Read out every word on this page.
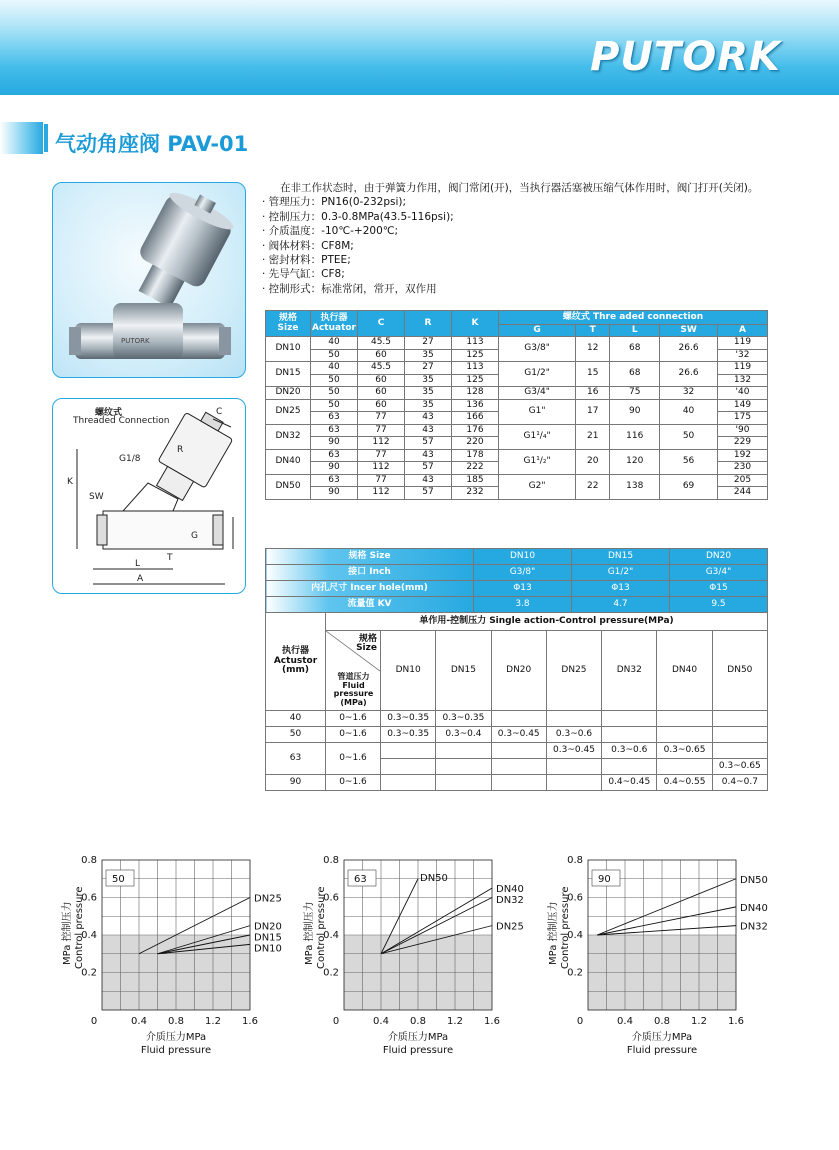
PUTORK
气动角座阀 PAV-01
PUTORK
螺纹式
Threaded Connection
C
R
K
G1/8
SW
G
T
L
A
在非工作状态时，由于弹簧力作用，阀门常闭(开)，当执行器活塞被压缩气体作用时，阀门打开(关闭)。
· 管理压力：PN16(0-232psi);
· 控制压力：0.3-0.8MPa(43.5-116psi);
· 介质温度：-10℃-+200℃;
· 阀体材料：CF8M;
· 密封材料：PTEE;
· 先导气缸：CF8;
· 控制形式：标准常闭，常开，双作用
规格
Size	执行器
Actuator	C	R	K	螺纹式 Thre aded connection				
					G	T	L	SW	A
DN10	40	45.5	27	113	G3/8"	12	68	26.6	119
	50	60	35	125					'32
DN15	40	45.5	27	113	G1/2"	15	68	26.6	119
	50	60	35	125					132
DN20	50	60	35	128	G3/4"	16	75	32	'40
DN25	50	60	35	136	G1"	17	90	40	149
	63	77	43	166					175
DN32	63	77	43	176	G1¹/₄"	21	116	50	'90
	90	112	57	220					229
DN40	63	77	43	178	G1¹/₂"	20	120	56	192
	90	112	57	222					230
DN50	63	77	43	185	G2"	22	138	69	205
	90	112	57	232					244
规格 Size	DN10	DN15	DN20
接口 Inch	G3/8"	G1/2"	G3/4"
内孔尺寸 Incer hole(mm)	Φ13	Φ13	Φ15
流量值 KV	3.8	4.7	9.5
执行器
Actustor
(mm)	单作用-控制压力 Single action-Control pressure(MPa)							

	规格
Size
管道压力
Fluid pressure
(MPa)	DN10	DN15	DN20	DN25	DN32	DN40	DN50
40	0~1.6	0.3~0.35	0.3~0.35					
50	0~1.6	0.3~0.35	0.3~0.4	0.3~0.45	0.3~0.6			
63	0~1.6				0.3~0.45	0.3~0.6	0.3~0.65	
								0.3~0.65
90	0~1.6					0.4~0.45	0.4~0.55	0.4~0.7
50
0.2
0.4
0.6
0.8
0	0.4 0.8 1.2 1.6
介质压力MPa
Fluid pressure
MPa 控制压力 Control pressure	DN25
DN20
DN15
DN10
63
0.2
0.4
0.6
0.8
0	0.4 0.8 1.2 1.6
介质压力MPa
Fluid pressure
MPa 控制压力 Control pressure
DN50
DN40
DN32
DN25
90
0.2
0.4
0.6
0.8
0	0.4 0.8 1.2 1.6
介质压力MPa
Fluid pressure
MPa 控制压力 Control pressure
DN50
DN40
DN32
